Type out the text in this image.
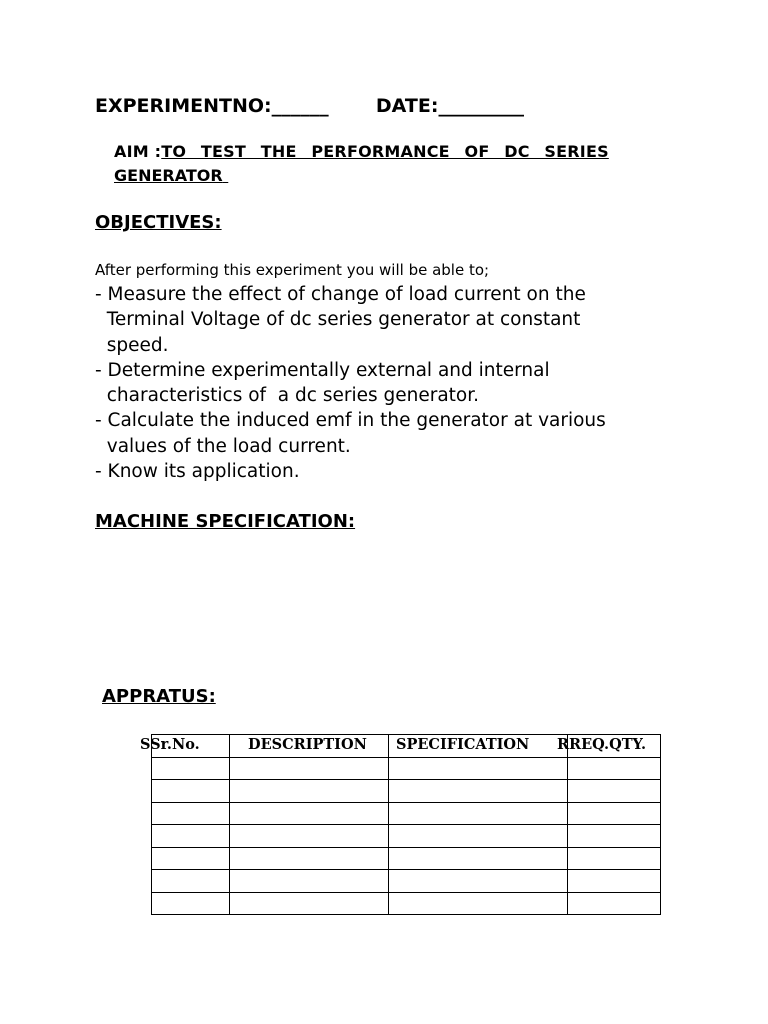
EXPERIMENTNO:______ DATE:_________
AIM :TO TEST THE PERFORMANCE OF DC SERIES
GENERATOR
OBJECTIVES:
After performing this experiment you will be able to;
- Measure the effect of change of load current on the
Terminal Voltage of dc series generator at constant
speed.
- Determine experimentally external and internal
characteristics of  a dc series generator.
- Calculate the induced emf in the generator at various
values of the load current.
- Know its application.
MACHINE SPECIFICATION:
APPRATUS:

SSr.No.	DESCRIPTION SPECIFICATION RREQ.QTY.
